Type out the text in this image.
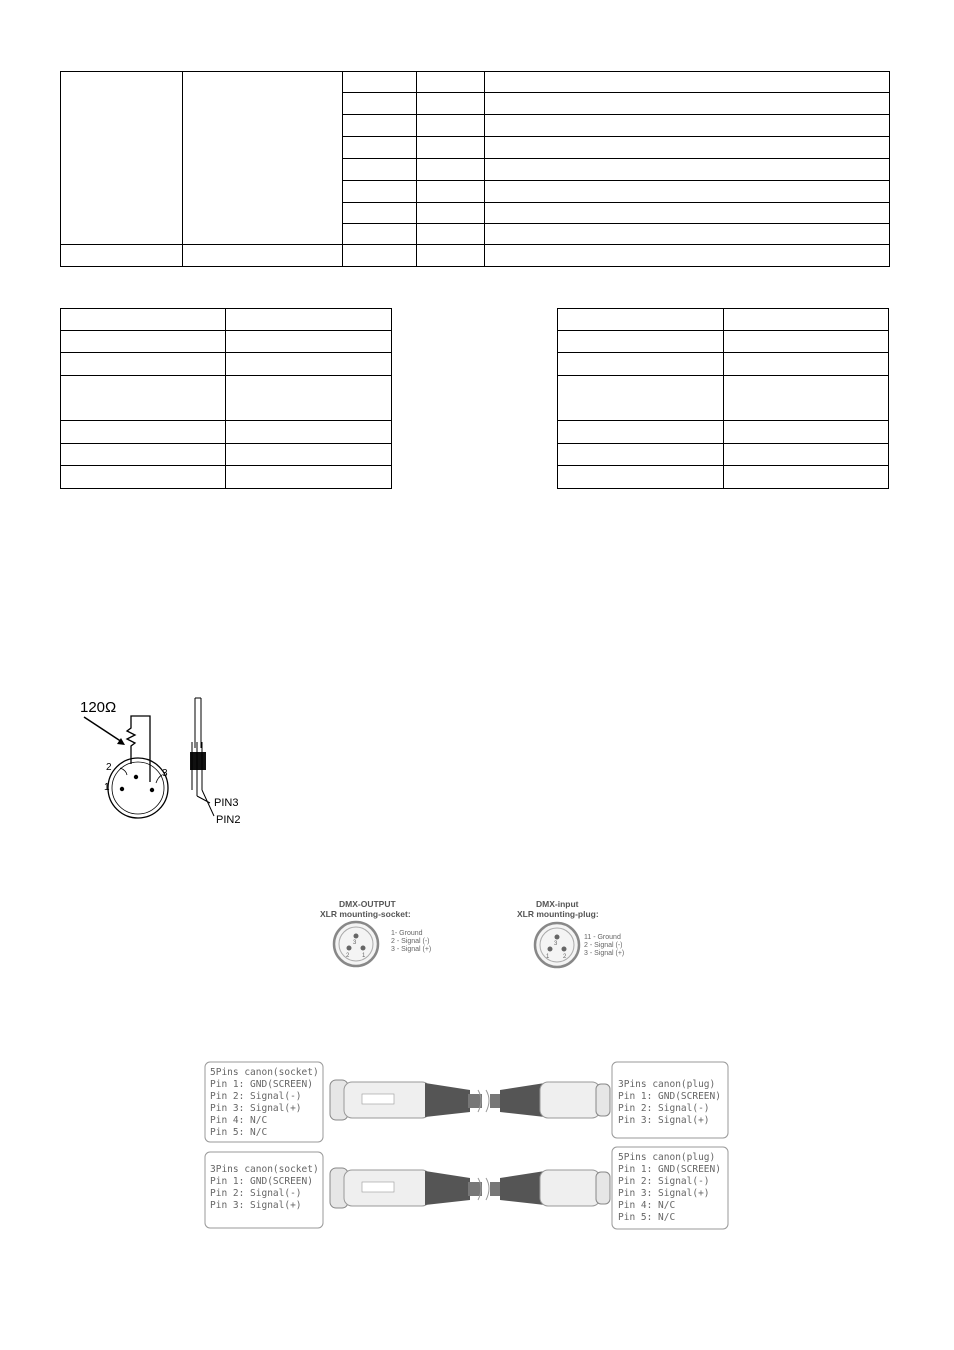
120Ω
1
2
3
PIN3
PIN2
DMX-OUTPUT
XLR mounting-socket:
3
2 1
1- Ground
2 - Signal (-)
3 - Signal (+)
DMX-input
XLR mounting-plug:
3
1 2
11 - Ground
2 - Signal (-)
3 - Signal (+)
5Pins canon(socket)
Pin 1: GND(SCREEN)
Pin 2: Signal(-)
Pin 3: Signal(+)
Pin 4: N/C
Pin 5: N/C
3Pins canon(plug)
Pin 1: GND(SCREEN)
Pin 2: Signal(-)
Pin 3: Signal(+)
3Pins canon(socket)
Pin 1: GND(SCREEN)
Pin 2: Signal(-)
Pin 3: Signal(+)
5Pins canon(plug)
Pin 1: GND(SCREEN)
Pin 2: Signal(-)
Pin 3: Signal(+)
Pin 4: N/C
Pin 5: N/C
